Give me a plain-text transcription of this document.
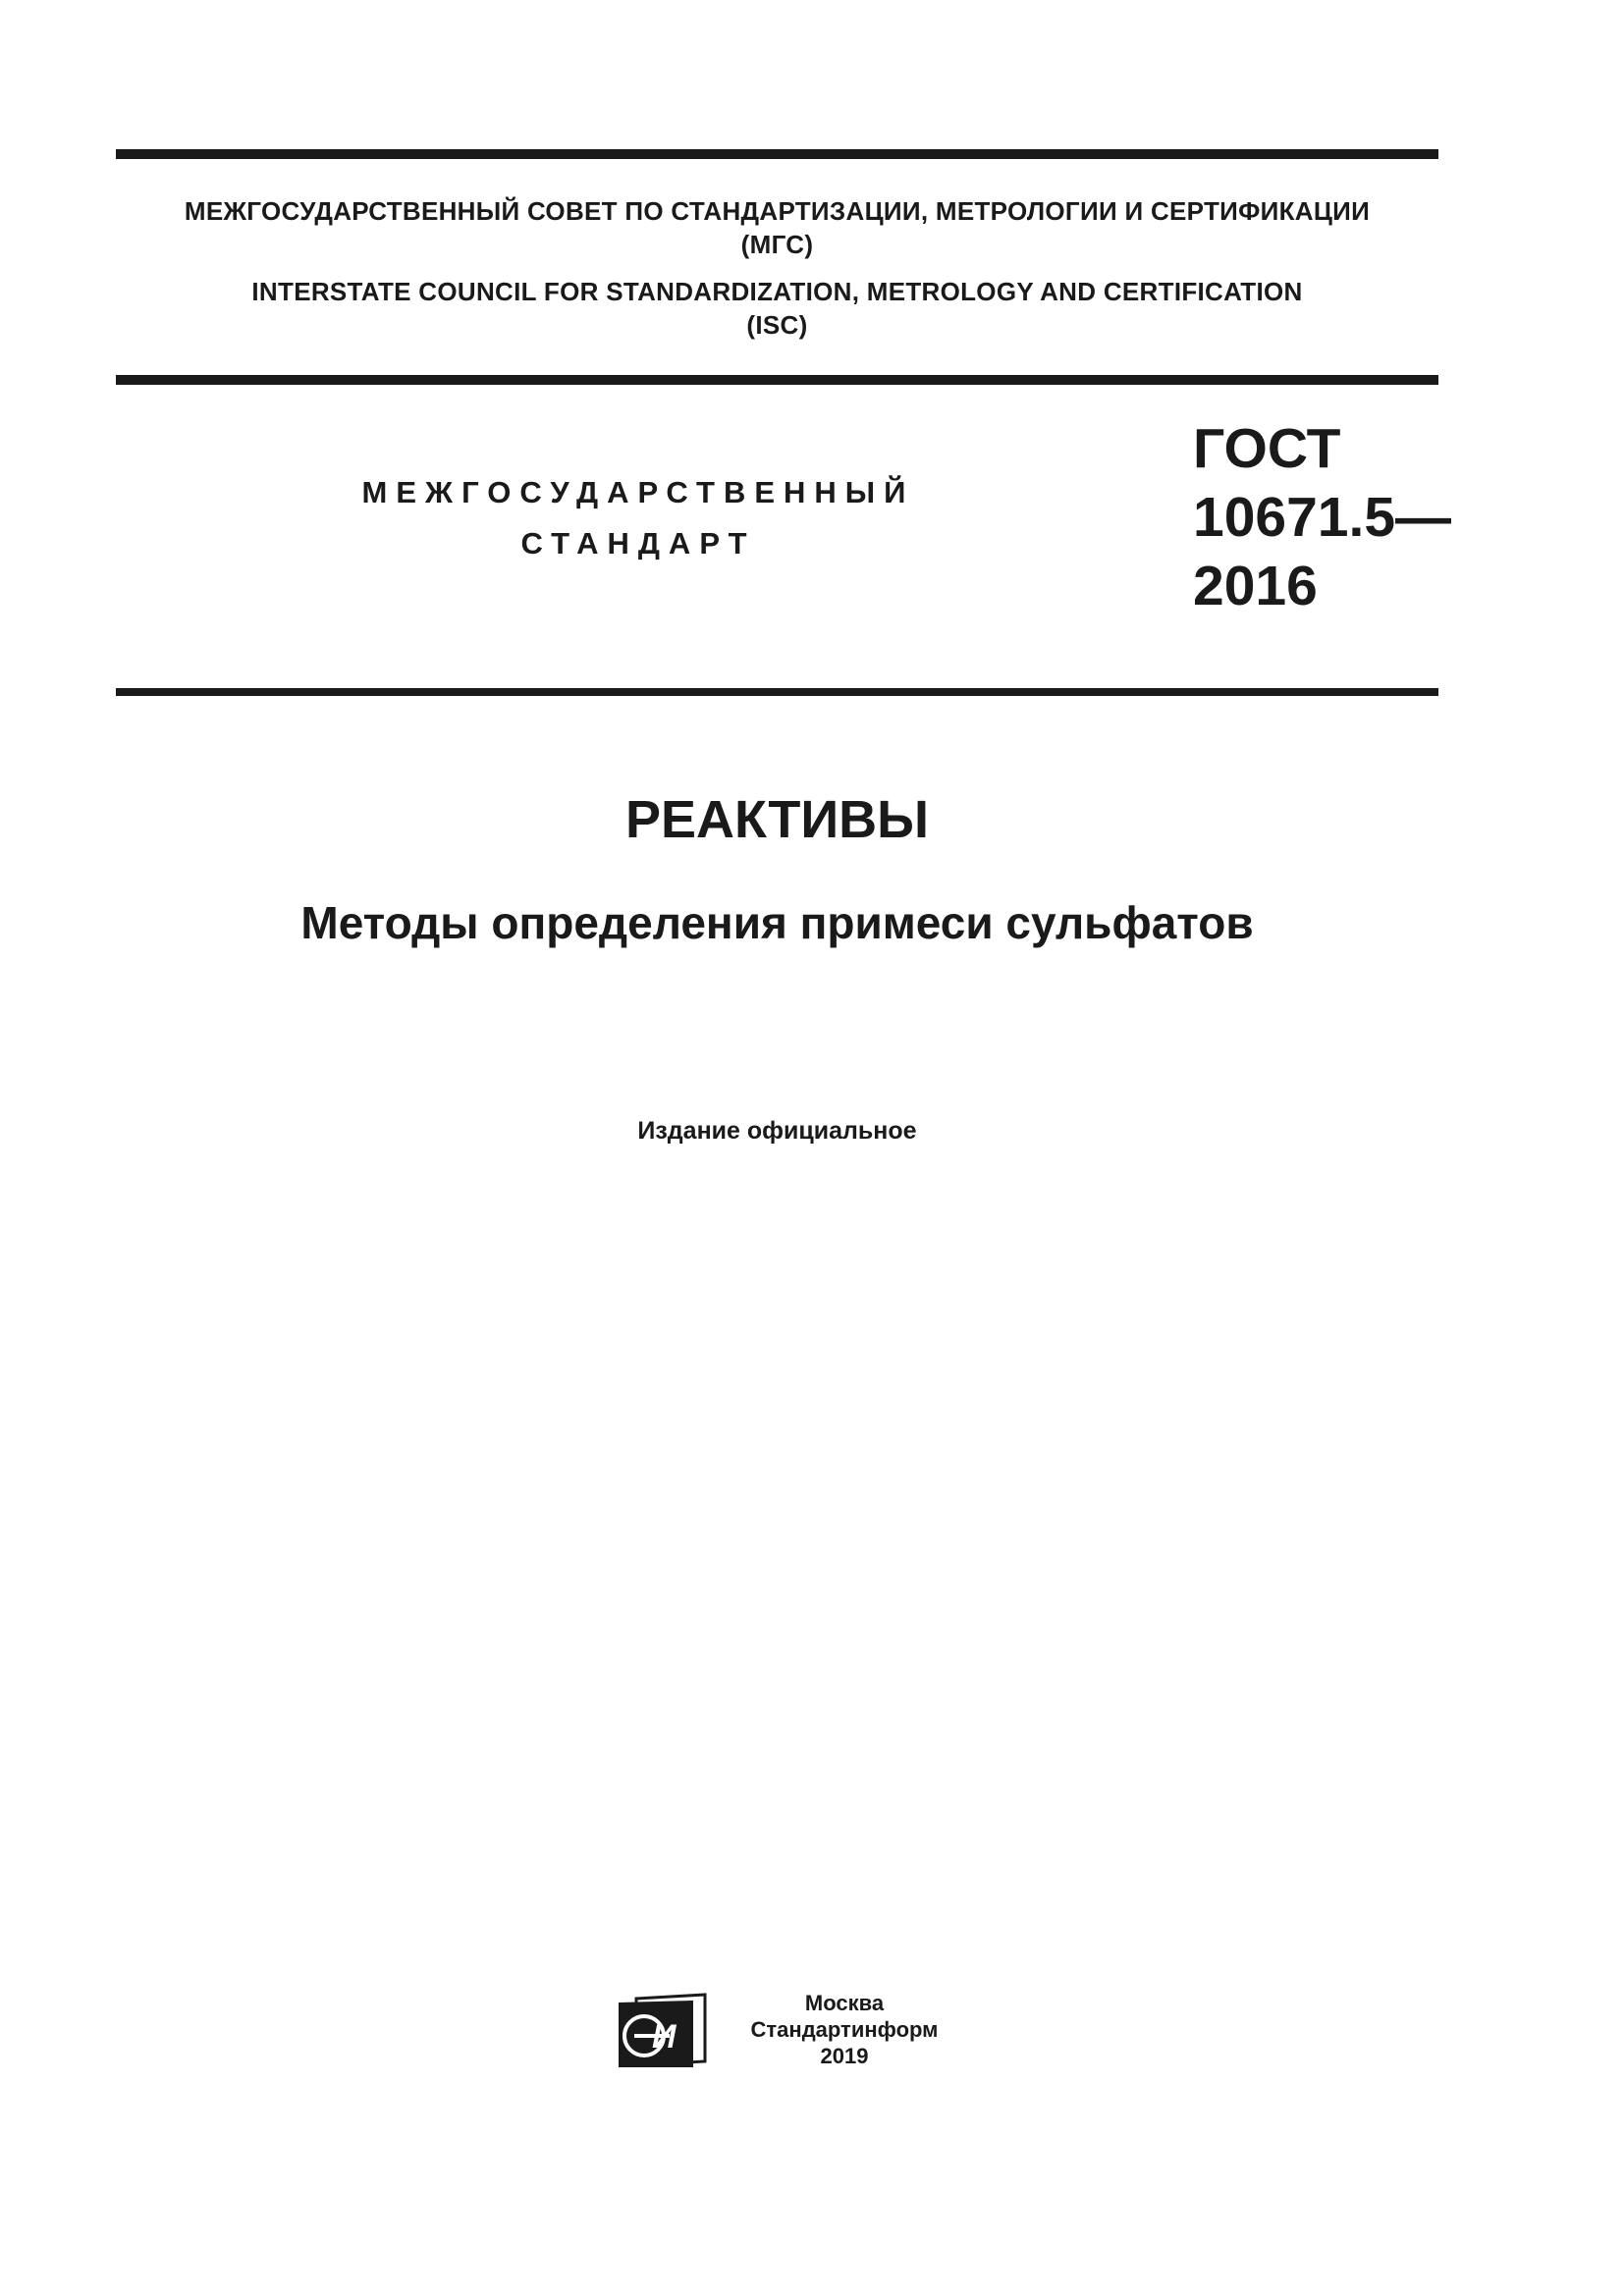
МЕЖГОСУДАРСТВЕННЫЙ СОВЕТ ПО СТАНДАРТИЗАЦИИ, МЕТРОЛОГИИ И СЕРТИФИКАЦИИ
(МГС)
INTERSTATE COUNCIL FOR STANDARDIZATION, METROLOGY AND CERTIFICATION
(ISC)
МЕЖГОСУДАРСТВЕННЫЙ
СТАНДАРТ
ГОСТ
10671.5—
2016
РЕАКТИВЫ
Методы определения примеси сульфатов
Издание официальное
И
Москва
Стандартинформ
2019
